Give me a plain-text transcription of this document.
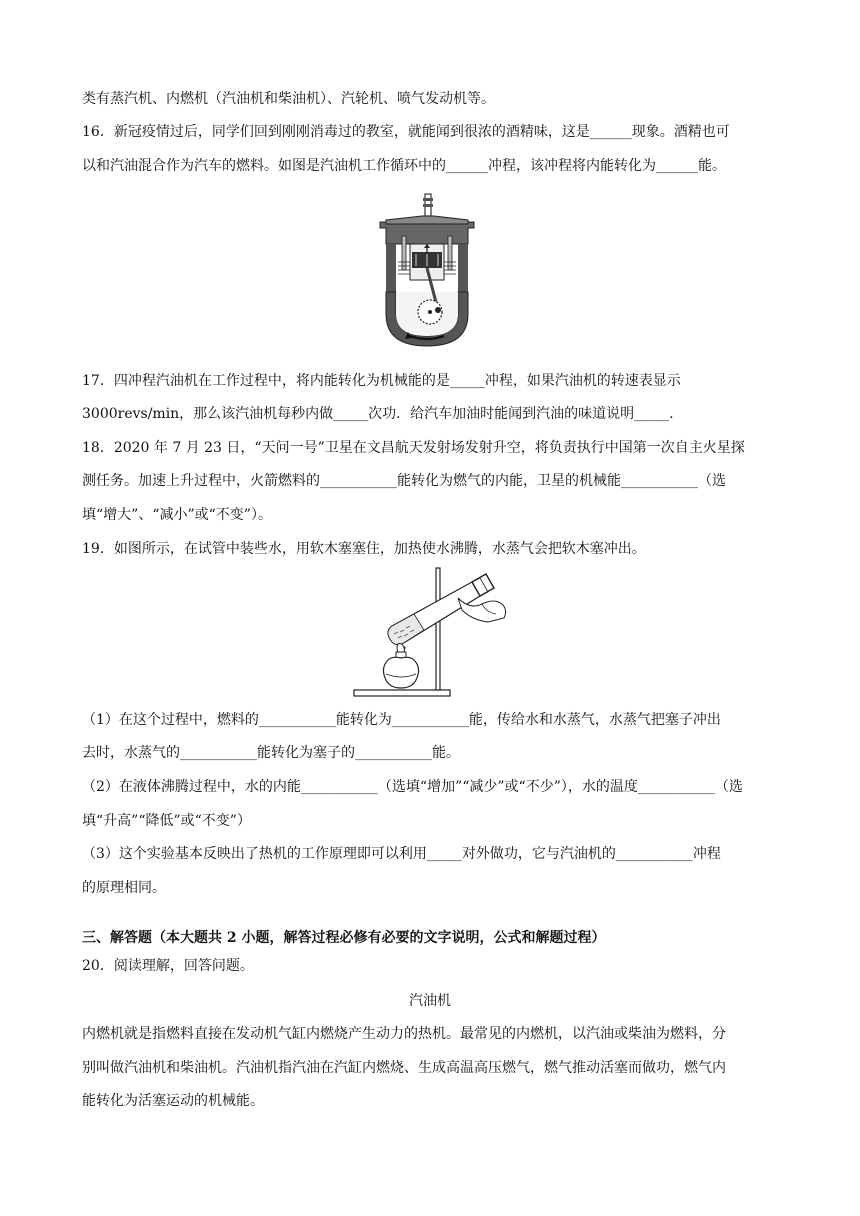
类有蒸汽机、内燃机（汽油机和柴油机）、汽轮机、喷气发动机等。
16．新冠疫情过后，同学们回到刚刚消毒过的教室，就能闻到很浓的酒精味，这是______现象。酒精也可
以和汽油混合作为汽车的燃料。如图是汽油机工作循环中的______冲程，该冲程将内能转化为______能。
17．四冲程汽油机在工作过程中，将内能转化为机械能的是_____冲程，如果汽油机的转速表显示
3000revs/min，那么该汽油机每秒内做_____次功．给汽车加油时能闻到汽油的味道说明_____.
18．2020 年 7 月 23 日，“天问一号”卫星在文昌航天发射场发射升空，将负责执行中国第一次自主火星探
测任务。加速上升过程中，火箭燃料的___________能转化为燃气的内能，卫星的机械能___________（选
填“增大”、“减小”或“不变”）。
19．如图所示，在试管中装些水，用软木塞塞住，加热使水沸腾，水蒸气会把软木塞冲出。
（1）在这个过程中，燃料的___________能转化为___________能，传给水和水蒸气，水蒸气把塞子冲出
去时，水蒸气的___________能转化为塞子的___________能。
（2）在液体沸腾过程中，水的内能___________（选填“增加”“减少”或“不少”），水的温度___________（选
填“升高”“降低”或“不变”）
（3）这个实验基本反映出了热机的工作原理即可以利用_____对外做功，它与汽油机的___________冲程
的原理相同。
三、解答题（本大题共 2 小题，解答过程必修有必要的文字说明，公式和解题过程）
20．阅读理解，回答问题。
汽油机
内燃机就是指燃料直接在发动机气缸内燃烧产生动力的热机。最常见的内燃机，以汽油或柴油为燃料，分
别叫做汽油机和柴油机。汽油机指汽油在汽缸内燃烧、生成高温高压燃气，燃气推动活塞而做功，燃气内
能转化为活塞运动的机械能。
